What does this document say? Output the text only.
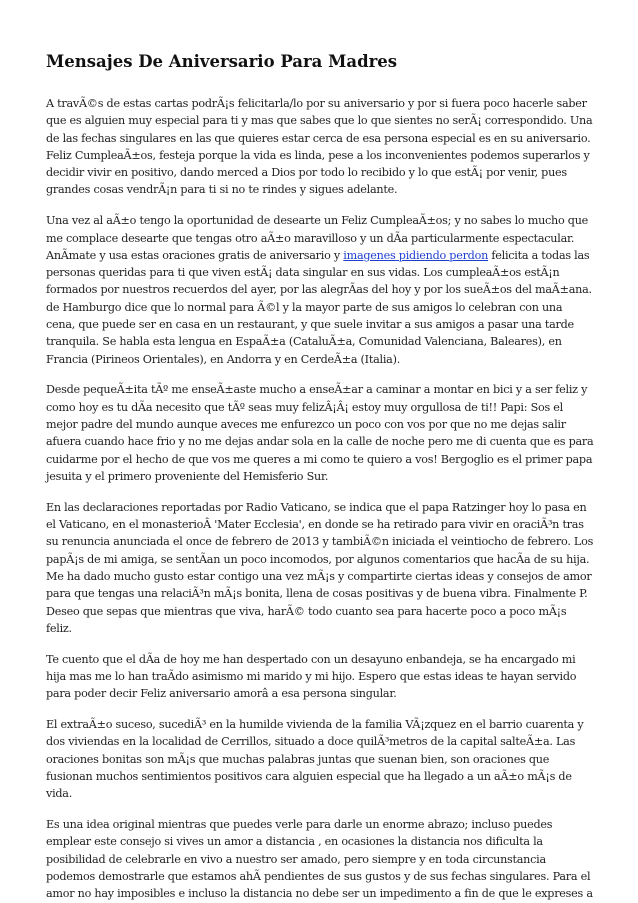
Mensajes De Aniversario Para Madres

A travÃ©s de estas cartas podrÃ¡s felicitarla/lo por su aniversario y por si fuera poco hacerle saber que es alguien muy especial para ti y mas que sabes que lo que sientes no serÃ¡ correspondido. Una de las fechas singulares en las que quieres estar cerca de esa persona especial es en su aniversario. Feliz CumpleaÃ±os, festeja porque la vida es linda, pese a los inconvenientes podemos superarlos y decidir vivir en positivo, dando merced a Dios por todo lo recibido y lo que estÃ¡ por venir, pues grandes cosas vendrÃ¡n para ti si no te rindes y sigues adelante.

Una vez al aÃ±o tengo la oportunidad de desearte un Feliz CumpleaÃ±os; y no sabes lo mucho que me complace desearte que tengas otro aÃ±o maravilloso y un dÃa particularmente espectacular. AnÃmate y usa estas oraciones gratis de aniversario y imagenes pidiendo perdon felicita a todas las personas queridas para ti que viven estÃ¡ data singular en sus vidas. Los cumpleaÃ±os estÃ¡n formados por nuestros recuerdos del ayer, por las alegrÃas del hoy y por los sueÃ±os del maÃ±ana. de Hamburgo dice que lo normal para Ã©l y la mayor parte de sus amigos lo celebran con una cena, que puede ser en casa en un restaurant, y que suele invitar a sus amigos a pasar una tarde tranquila. Se habla esta lengua en EspaÃ±a (CataluÃ±a, Comunidad Valenciana, Baleares), en Francia (Pirineos Orientales), en Andorra y en CerdeÃ±a (Italia).

Desde pequeÃ±ita tÃº me enseÃ±aste mucho a enseÃ±ar a caminar a montar en bici y a ser feliz y como hoy es tu dÃa necesito que tÃº seas muy felizÂ¡Â¡ estoy muy orgullosa de ti!! Papi: Sos el mejor padre del mundo aunque aveces me enfurezco un poco con vos por que no me dejas salir afuera cuando hace frio y no me dejas andar sola en la calle de noche pero me di cuenta que es para cuidarme por el hecho de que vos me queres a mi como te quiero a vos! Bergoglio es el primer papa jesuita y el primero proveniente del Hemisferio Sur.

En las declaraciones reportadas por Radio Vaticano, se indica que el papa Ratzinger hoy lo pasa en el Vaticano, en el monasterioÂ 'Mater Ecclesia', en donde se ha retirado para vivir en oraciÃ³n tras su renuncia anunciada el once de febrero de 2013 y tambiÃ©n iniciada el veintiocho de febrero. Los papÃ¡s de mi amiga, se sentÃan un poco incomodos, por algunos comentarios que hacÃa de su hija. Me ha dado mucho gusto estar contigo una vez mÃ¡s y compartirte ciertas ideas y consejos de amor para que tengas una relaciÃ³n mÃ¡s bonita, llena de cosas positivas y de buena vibra. Finalmente P. Deseo que sepas que mientras que viva, harÃ© todo cuanto sea para hacerte poco a poco mÃ¡s feliz.

Te cuento que el dÃa de hoy me han despertado con un desayuno enbandeja, se ha encargado mi hija mas me lo han traÃdo asimismo mi marido y mi hijo. Espero que estas ideas te hayan servido para poder decir Feliz aniversario amorâ a esa persona singular.

El extraÃ±o suceso, sucediÃ³ en la humilde vivienda de la familia VÃ¡zquez en el barrio cuarenta y dos viviendas en la localidad de Cerrillos, situado a doce quilÃ³metros de la capital salteÃ±a. Las oraciones bonitas son mÃ¡s que muchas palabras juntas que suenan bien, son oraciones que fusionan muchos sentimientos positivos cara alguien especial que ha llegado a un aÃ±o mÃ¡s de vida.

Es una idea original mientras que puedes verle para darle un enorme abrazo; incluso puedes emplear este consejo si vives un amor a distancia , en ocasiones la distancia nos dificulta la posibilidad de celebrarle en vivo a nuestro ser amado, pero siempre y en toda circunstancia podemos demostrarle que estamos ahÃ pendientes de sus gustos y de sus fechas singulares. Para el amor no hay imposibles e incluso la distancia no debe ser un impedimento a fin de que le expreses a
